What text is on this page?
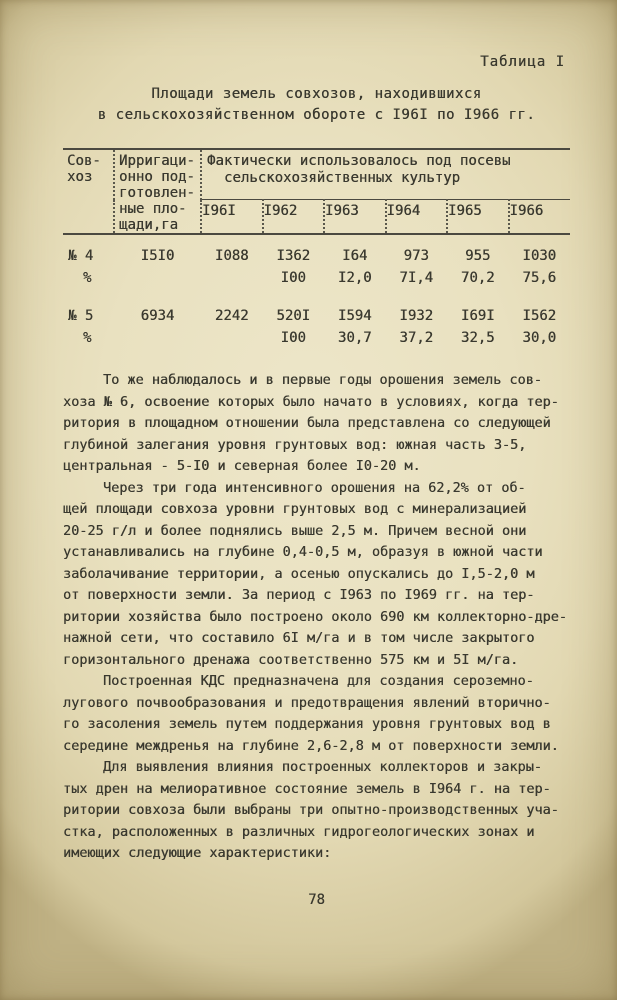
Таблица I
Площади земель совхозов, находившихся
в сельскохозяйственном обороте с I96I по I966 гг.
Сов-
хоз

Ирригаци-
онно под-
готовлен-
ные пло-
щади,га

Фактически использовалось под посевы
сельскохозяйственных культур

		I96I	I962	I963	I964	I965	I966
№ 4	I5I0	I088	I362	I64	973	955	I030
%			I00	I2,0	7I,4	70,2	75,6
№ 5	6934	2242	520I	I594	I932	I69I	I562
%			I00	30,7	37,2	32,5	30,0
То же наблюдалось и в первые годы орошения земель сов-
хоза № 6, освоение которых было начато в условиях, когда тер-
ритория в площадном отношении была представлена со следующей
глубиной залегания уровня грунтовых вод: южная часть 3-5,
центральная - 5-I0 и северная более I0-20 м.
Через три года интенсивного орошения на 62,2% от об-
щей площади совхоза уровни грунтовых вод с минерализацией
20-25 г/л и более поднялись выше 2,5 м. Причем весной они
устанавливались на глубине 0,4-0,5 м, образуя в южной части
заболачивание территории, а осенью опускались до I,5-2,0 м
от поверхности земли. За период с I963 по I969 гг. на тер-
ритории хозяйства было построено около 690 км коллекторно-дре-
нажной сети, что составило 6I м/га и в том числе закрытого
горизонтального дренажа соответственно 575 км и 5I м/га.
Построенная КДС предназначена для создания сероземно-
лугового почвообразования и предотвращения явлений вторично-
го засоления земель путем поддержания уровня грунтовых вод в
середине междренья на глубине 2,6-2,8 м от поверхности земли.
Для выявления влияния построенных коллекторов и закры-
тых дрен на мелиоративное состояние земель в I964 г. на тер-
ритории совхоза были выбраны три опытно-производственных уча-
стка, расположенных в различных гидрогеологических зонах и
имеющих следующие характеристики:
78
